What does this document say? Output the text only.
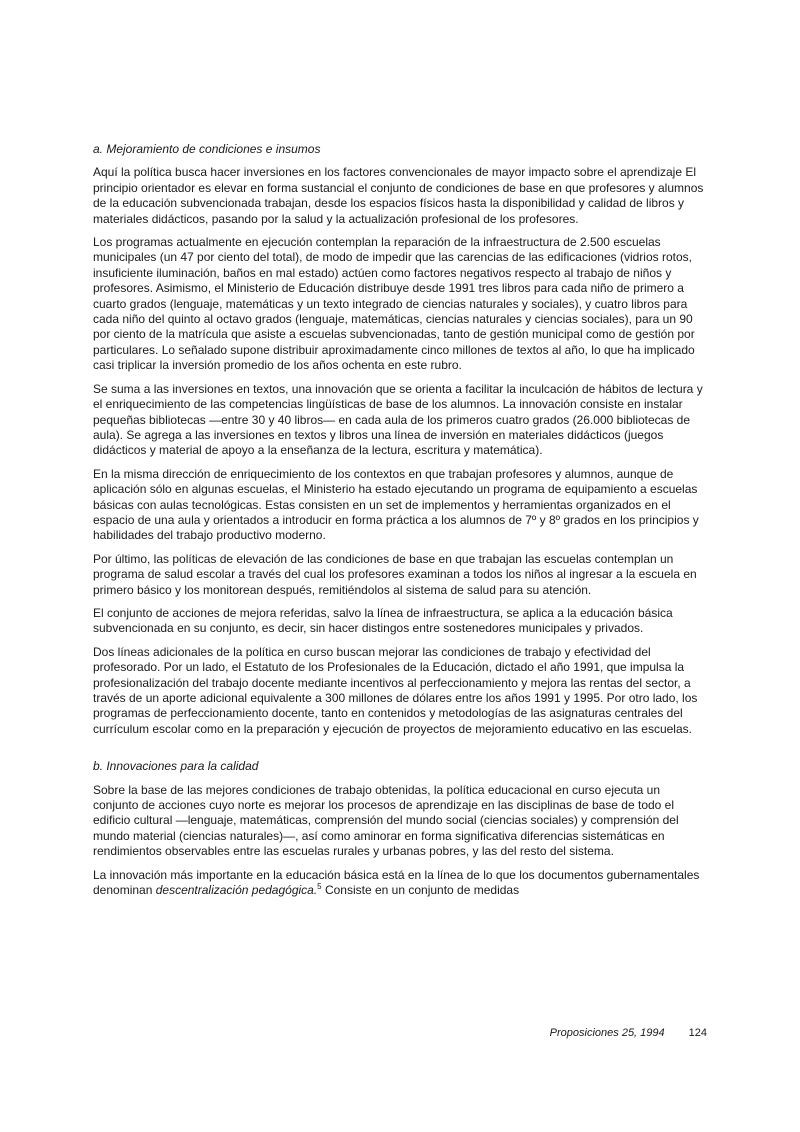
a. Mejoramiento de condiciones e insumos

Aquí la política busca hacer inversiones en los factores convencionales de mayor impacto sobre el aprendizaje El principio orientador es elevar en forma sustancial el conjunto de condiciones de base en que profesores y alumnos de la educación subvencionada trabajan, desde los espacios físicos hasta la disponibilidad y calidad de libros y materiales didácticos, pasando por la salud y la actualización profesional de los profesores.

Los programas actualmente en ejecución contemplan la reparación de la infraestructura de 2.500 escuelas municipales (un 47 por ciento del total), de modo de impedir que las carencias de las edificaciones (vidrios rotos, insuficiente iluminación, baños en mal estado) actúen como factores negativos respecto al trabajo de niños y profesores. Asimismo, el Ministerio de Educación distribuye desde 1991 tres libros para cada niño de primero a cuarto grados (lenguaje, matemáticas y un texto integrado de ciencias naturales y sociales), y cuatro libros para cada niño del quinto al octavo grados (lenguaje, matemáticas, ciencias naturales y ciencias sociales), para un 90 por ciento de la matrícula que asiste a escuelas subvencionadas, tanto de gestión municipal como de gestión por particulares. Lo señalado supone distribuir aproximadamente cinco millones de textos al año, lo que ha implicado casi triplicar la inversión promedio de los años ochenta en este rubro.

Se suma a las inversiones en textos, una innovación que se orienta a facilitar la inculcación de hábitos de lectura y el enriquecimiento de las competencias lingüísticas de base de los alumnos. La innovación consiste en instalar pequeñas bibliotecas —entre 30 y 40 libros— en cada aula de los primeros cuatro grados (26.000 bibliotecas de aula). Se agrega a las inversiones en textos y libros una línea de inversión en materiales didácticos (juegos didácticos y material de apoyo a la enseñanza de la lectura, escritura y matemática).

En la misma dirección de enriquecimiento de los contextos en que trabajan profesores y alumnos, aunque de aplicación sólo en algunas escuelas, el Ministerio ha estado ejecutando un programa de equipamiento a escuelas básicas con aulas tecnológicas. Estas consisten en un set de implementos y herramientas organizados en el espacio de una aula y orientados a introducir en forma práctica a los alumnos de 7º y 8º grados en los principios y habilidades del trabajo productivo moderno.

Por último, las políticas de elevación de las condiciones de base en que trabajan las escuelas contemplan un programa de salud escolar a través del cual los profesores examinan a todos los niños al ingresar a la escuela en primero básico y los monitorean después, remitiéndolos al sistema de salud para su atención.

El conjunto de acciones de mejora referidas, salvo la línea de infraestructura, se aplica a la educación básica subvencionada en su conjunto, es decir, sin hacer distingos entre sostenedores municipales y privados.

Dos líneas adicionales de la política en curso buscan mejorar las condiciones de trabajo y efectividad del profesorado. Por un lado, el Estatuto de los Profesionales de la Educación, dictado el año 1991, que impulsa la profesionalización del trabajo docente mediante incentivos al perfeccionamiento y mejora las rentas del sector, a través de un aporte adicional equivalente a 300 millones de dólares entre los años 1991 y 1995. Por otro lado, los programas de perfeccionamiento docente, tanto en contenidos y metodologías de las asignaturas centrales del currículum escolar como en la preparación y ejecución de proyectos de mejoramiento educativo en las escuelas.

b. Innovaciones para la calidad

Sobre la base de las mejores condiciones de trabajo obtenidas, la política educacional en curso ejecuta un conjunto de acciones cuyo norte es mejorar los procesos de aprendizaje en las disciplinas de base de todo el edificio cultural —lenguaje, matemáticas, comprensión del mundo social (ciencias sociales) y comprensión del mundo material (ciencias naturales)—, así como aminorar en forma significativa diferencias sistemáticas en rendimientos observables entre las escuelas rurales y urbanas pobres, y las del resto del sistema.

La innovación más importante en la educación básica está en la línea de lo que los documentos gubernamentales denominan descentralización pedagógica.$^5$ Consiste en un conjunto de medidas

Proposiciones 25, 1994 124
